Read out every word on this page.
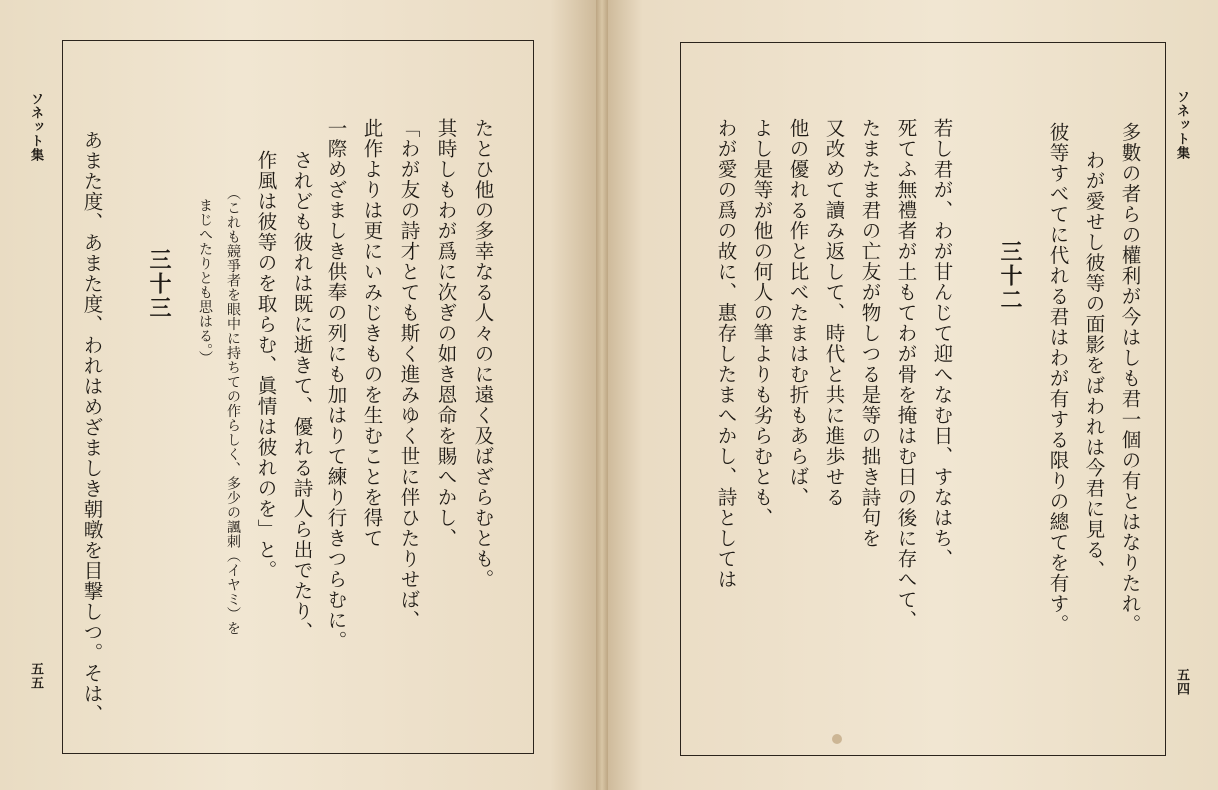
ソネット集
五五
たとひ他の多幸なる人々のに遠く及ばざらむとも。
其時しもわが爲に次ぎの如き恩命を賜へかし、
「わが友の詩才とても斯く進みゆく世に伴ひたりせば、
此作よりは更にいみじきものを生むことを得て
一際めざましき供奉の列にも加はりて練り行きつらむに。
されども彼れは既に逝きて、優れる詩人ら出でたり、
作風は彼等のを取らむ、眞情は彼れのを」と。
（これも競爭者を眼中に持ちての作らしく、多少の諷刺（イヤミ）を
まじへたりとも思はる。）
三十三
あまた度、あまた度、われはめざましき朝暾を目撃しつ。そは、
ソネット集
五四
多數の者らの權利が今はしも君一個の有とはなりたれ。
わが愛せし彼等の面影をばわれは今君に見る、
彼等すべてに代れる君はわが有する限りの總てを有す。
三十二
若し君が、わが甘んじて迎へなむ日、すなはち、
死てふ無禮者が土もてわが骨を掩はむ日の後に存へて、
たまたま君の亡友が物しつる是等の拙き詩句を
又改めて讀み返して、時代と共に進歩せる
他の優れる作と比べたまはむ折もあらば、
よし是等が他の何人の筆よりも劣らむとも、
わが愛の爲の故に、惠存したまへかし、詩としては
